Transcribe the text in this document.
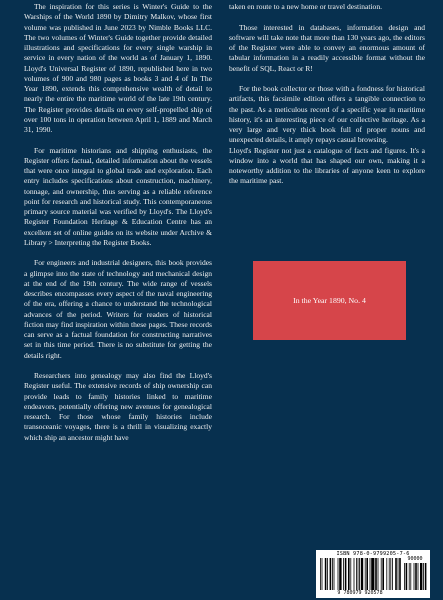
The inspiration for this series is Winter's Guide to the Warships of the World 1890 by Dimitry Malkov, whose first volume was published in June 2023 by Nimble Books LLC. The two volumes of Winter's Guide together provide detailed illustrations and specifications for every single warship in service in every nation of the world as of January 1, 1890. Lloyd's Universal Register of 1890, republished here in two volumes of 900 and 980 pages as books 3 and 4 of In The Year 1890, extends this comprehensive wealth of detail to nearly the entire the maritime world of the late 19th century. The Register provides details on every self-propelled ship of over 100 tons in operation between April 1, 1889 and March 31, 1990.

For maritime historians and shipping enthusiasts, the Register offers factual, detailed information about the vessels that were once integral to global trade and exploration. Each entry includes specifications about construction, machinery, tonnage, and ownership, thus serving as a reliable reference point for research and historical study. This contemporaneous primary source material was verified by Lloyd's. The Lloyd's Register Foundation Heritage & Education Centre has an excellent set of online guides on its website under Archive & Library > Interpreting the Register Books.

For engineers and industrial designers, this book provides a glimpse into the state of technology and mechanical design at the end of the 19th century. The wide range of vessels describes encompasses every aspect of the naval engineering of the era, offering a chance to understand the technological advances of the period. Writers for readers of historical fiction may find inspiration within these pages. These records can serve as a factual foundation for constructing narratives set in this time period. There is no substitute for getting the details right.

Researchers into genealogy may also find the Lloyd's Register useful. The extensive records of ship ownership can provide leads to family histories linked to maritime endeavors, potentially offering new avenues for genealogical research. For those whose family histories include transoceanic voyages, there is a thrill in visualizing exactly which ship an ancestor might have

taken en route to a new home or travel destination.

Those interested in databases, information design and software will take note that more than 130 years ago, the editors of the Register were able to convey an enormous amount of tabular information in a readily accessible format without the benefit of SQL, React or R!

For the book collector or those with a fondness for historical artifacts, this facsimile edition offers a tangible connection to the past. As a meticulous record of a specific year in maritime history, it's an interesting piece of our collective heritage. As a very large and very thick book full of proper nouns and unexpected details, it amply repays casual browsing.

Lloyd's Register not just a catalogue of facts and figures. It's a window into a world that has shaped our own, making it a noteworthy addition to the libraries of anyone keen to explore the maritime past.

In the Year 1890, No. 4
ISBN 978-0-9799205-7-6
90000
9 780979 920578
